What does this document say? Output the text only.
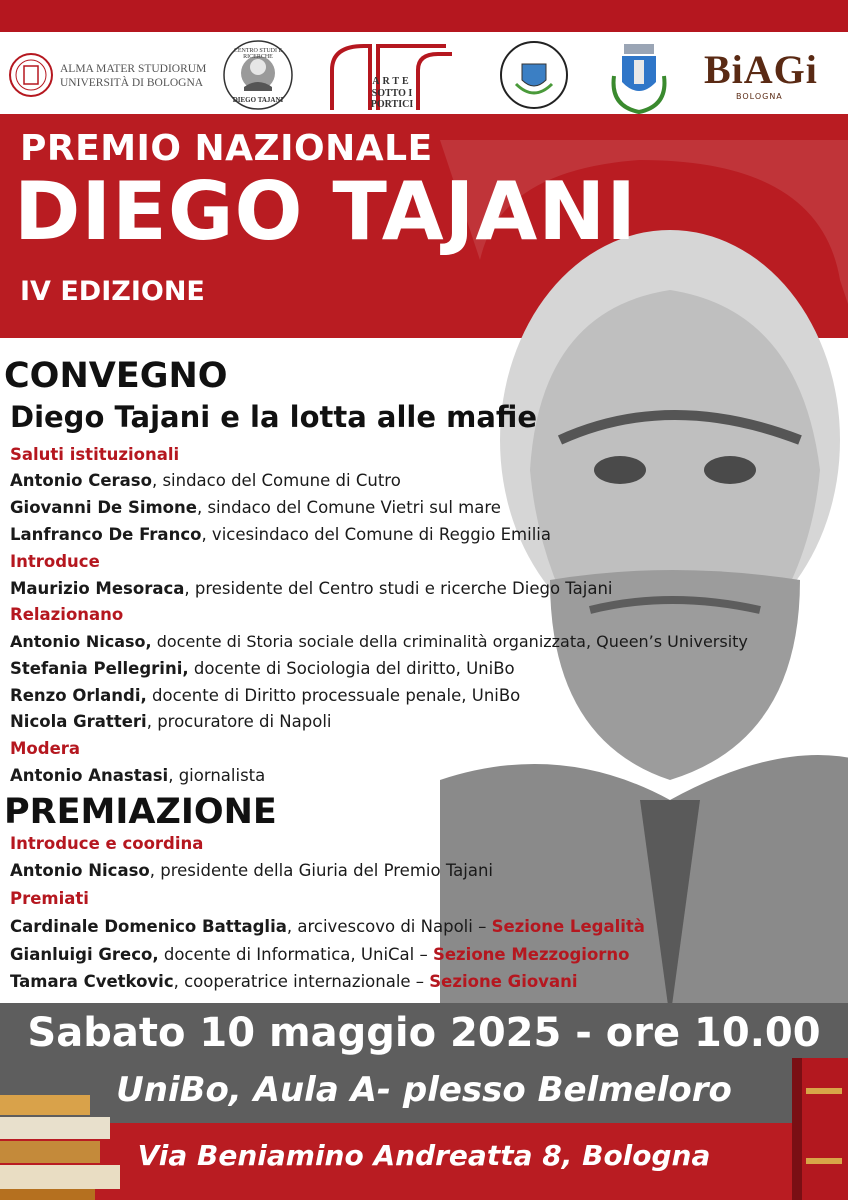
ALMA MATER STUDIORUM
UNIVERSITÀ DI BOLOGNA
CENTRO STUDI E RICERCHE
DIEGO TAJANI
ARTE
SOTTO I
PORTICI
BiAGi
BOLOGNA
PREMIO NAZIONALE
DIEGO TAJANI
IV EDIZIONE
CONVEGNO
Diego Tajani e la lotta alle mafie
Saluti istituzionali
Antonio Ceraso, sindaco del Comune di Cutro
Giovanni De Simone, sindaco del Comune Vietri sul mare
Lanfranco De Franco, vicesindaco del Comune di Reggio Emilia
Introduce
Maurizio Mesoraca, presidente del Centro studi e ricerche Diego Tajani
Relazionano
Antonio Nicaso, docente di Storia sociale della criminalità organizzata, Queen’s University
Stefania Pellegrini, docente di Sociologia del diritto, UniBo
Renzo Orlandi, docente di Diritto processuale penale, UniBo
Nicola Gratteri, procuratore di Napoli
Modera
Antonio Anastasi, giornalista
PREMIAZIONE
Introduce e coordina
Antonio Nicaso, presidente della Giuria del Premio Tajani
Premiati
Cardinale Domenico Battaglia, arcivescovo di Napoli – Sezione Legalità
Gianluigi Greco, docente di Informatica, UniCal – Sezione Mezzogiorno
Tamara Cvetkovic, cooperatrice internazionale – Sezione Giovani
Sabato 10 maggio 2025 - ore 10.00
UniBo, Aula A- plesso Belmeloro
Via Beniamino Andreatta 8, Bologna
